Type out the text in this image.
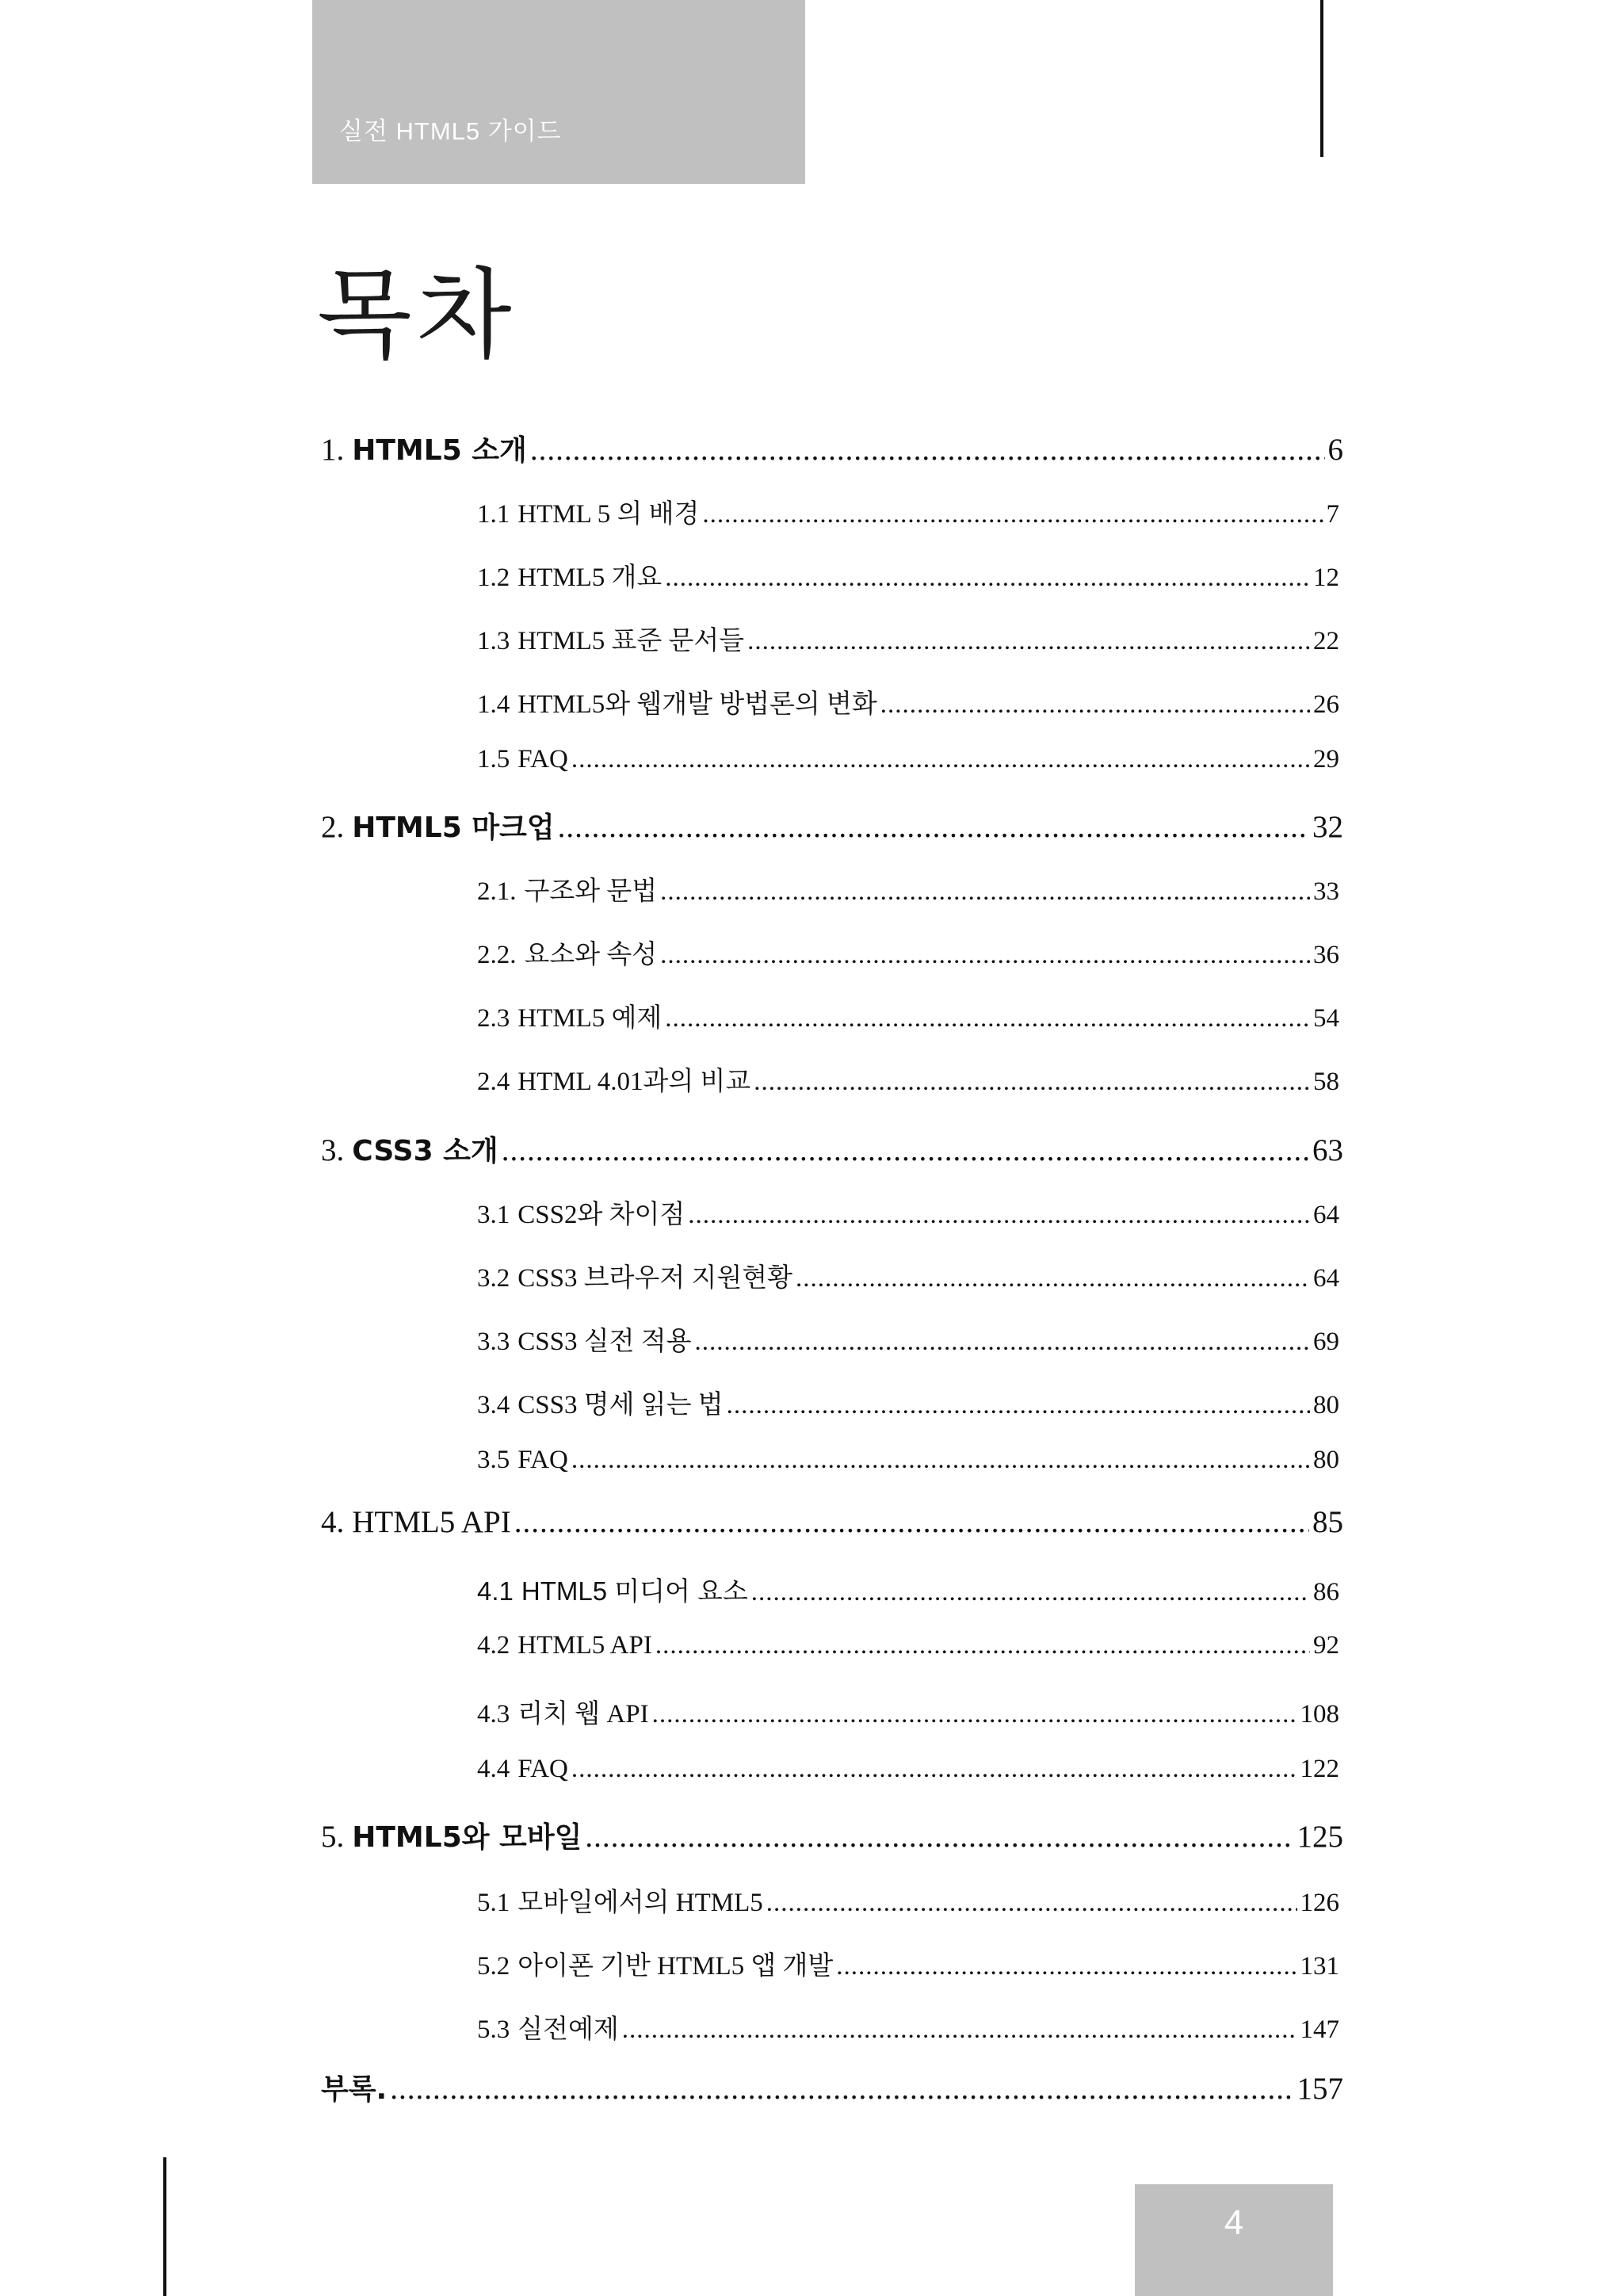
실전 HTML5 가이드
목차
1. HTML5 소개 .....	6
1.1 HTML 5 의 배경 .....	7
1.2 HTML5 개요 .....	12
1.3 HTML5 표준 문서들 .....	22
1.4 HTML5와 웹개발 방법론의 변화 .....	26
1.5 FAQ .....	29
2. HTML5 마크업 .....	32
2.1. 구조와 문법 .....	33
2.2. 요소와 속성 .....	36
2.3 HTML5 예제 .....	54
2.4 HTML 4.01과의 비교 .....	58
3. CSS3 소개 .....	63
3.1 CSS2와 차이점 .....	64
3.2 CSS3 브라우저 지원현황 .....	64
3.3 CSS3 실전 적용 .....	69
3.4 CSS3 명세 읽는 법 .....	80
3.5 FAQ .....	80
4. HTML5 API .....	85
4.1 HTML5 미디어 요소 .....	86
4.2 HTML5 API .....	92
4.3 리치 웹 API .....	108
4.4 FAQ .....	122
5. HTML5와 모바일 .....	125
5.1 모바일에서의 HTML5 .....	126
5.2 아이폰 기반 HTML5 앱 개발 .....	131
5.3 실전예제 .....	147
부록. .....	157
4
